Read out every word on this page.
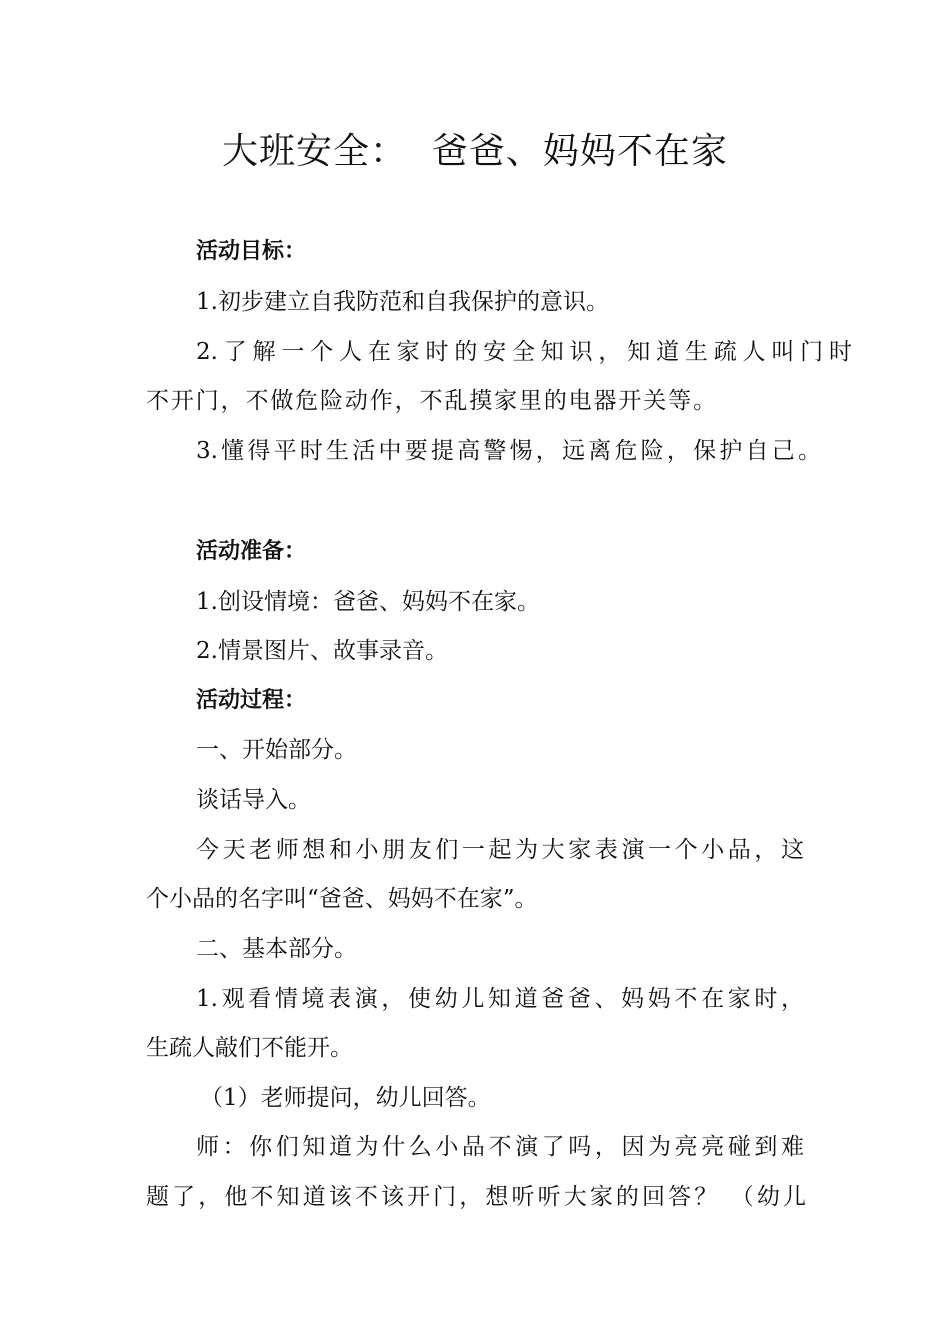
大班安全：  爸爸、妈妈不在家

活动目标：

1.初步建立自我防范和自我保护的意识。

2.了解一个人在家时的安全知识，知道生疏人叫门时

不开门，不做危险动作，不乱摸家里的电器开关等。

3.懂得平时生活中要提高警惕，远离危险，保护自己。

活动准备：

1.创设情境：爸爸、妈妈不在家。

2.情景图片、故事录音。

活动过程：

一、开始部分。

谈话导入。

今天老师想和小朋友们一起为大家表演一个小品，这

个小品的名字叫“爸爸、妈妈不在家”。

二、基本部分。

1.观看情境表演，使幼儿知道爸爸、妈妈不在家时，

生疏人敲们不能开。

（1）老师提问，幼儿回答。

师：你们知道为什么小品不演了吗，因为亮亮碰到难

题了，他不知道该不该开门，想听听大家的回答？ （幼儿
